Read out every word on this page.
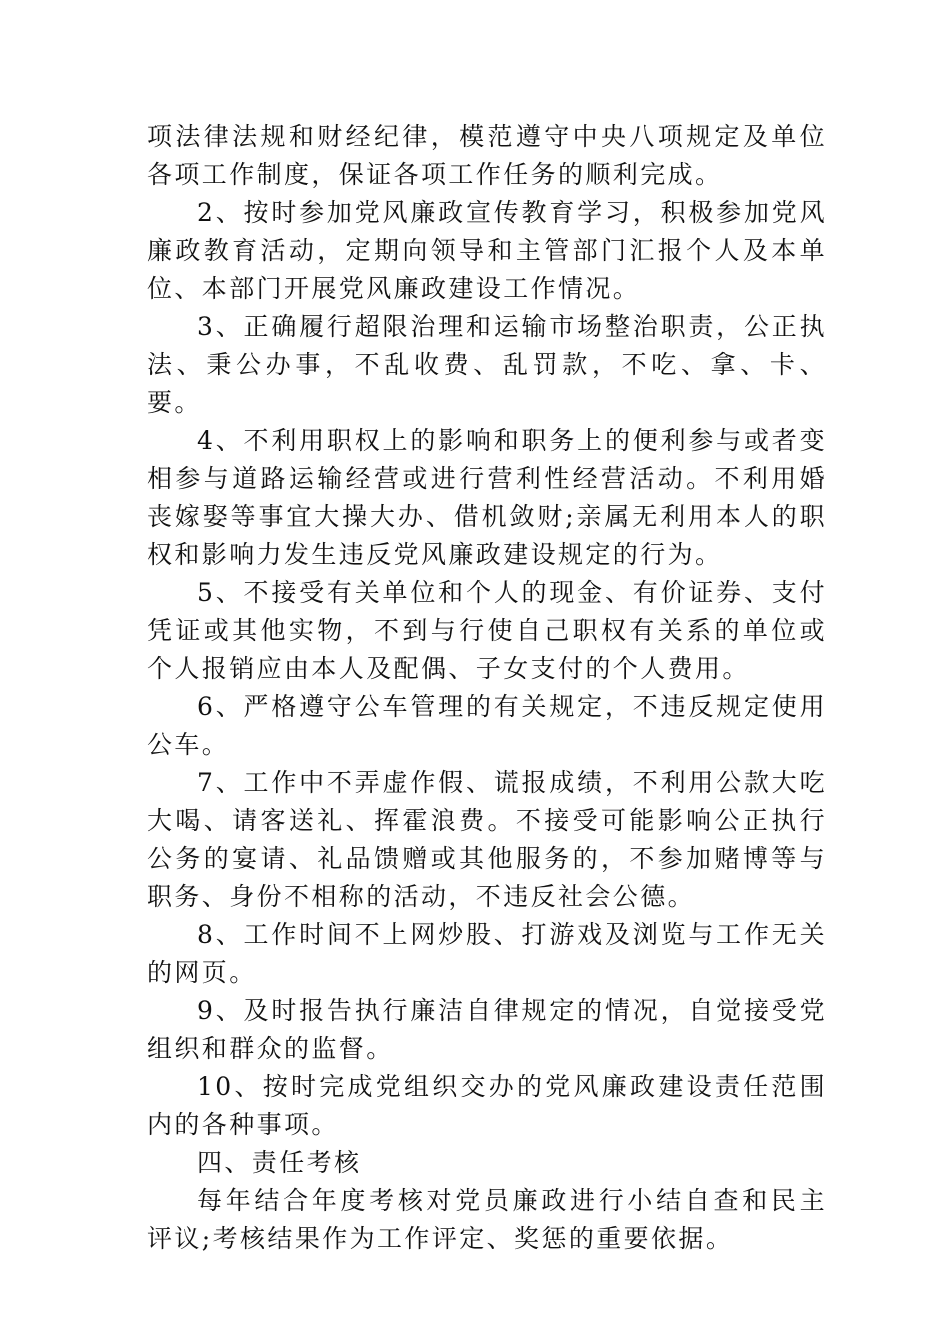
项法律法规和财经纪律，模范遵守中央八项规定及单位各项工作制度，保证各项工作任务的顺利完成。

2、按时参加党风廉政宣传教育学习，积极参加党风廉政教育活动，定期向领导和主管部门汇报个人及本单位、本部门开展党风廉政建设工作情况。

3、正确履行超限治理和运输市场整治职责，公正执法、秉公办事，不乱收费、乱罚款，不吃、拿、卡、要。

4、不利用职权上的影响和职务上的便利参与或者变相参与道路运输经营或进行营利性经营活动。不利用婚丧嫁娶等事宜大操大办、借机敛财;亲属无利用本人的职权和影响力发生违反党风廉政建设规定的行为。

5、不接受有关单位和个人的现金、有价证券、支付凭证或其他实物，不到与行使自己职权有关系的单位或个人报销应由本人及配偶、子女支付的个人费用。

6、严格遵守公车管理的有关规定，不违反规定使用公车。

7、工作中不弄虚作假、谎报成绩，不利用公款大吃大喝、请客送礼、挥霍浪费。不接受可能影响公正执行公务的宴请、礼品馈赠或其他服务的，不参加赌博等与职务、身份不相称的活动，不违反社会公德。

8、工作时间不上网炒股、打游戏及浏览与工作无关的网页。

9、及时报告执行廉洁自律规定的情况，自觉接受党组织和群众的监督。

10、按时完成党组织交办的党风廉政建设责任范围内的各种事项。

四、责任考核

每年结合年度考核对党员廉政进行小结自查和民主评议;考核结果作为工作评定、奖惩的重要依据。
